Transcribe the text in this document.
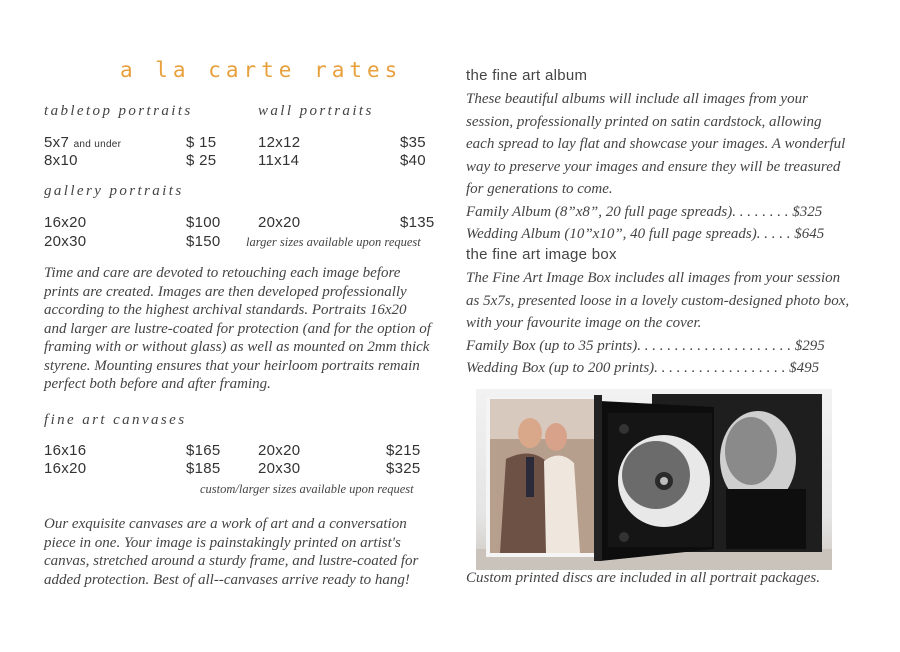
a la carte rates
tabletop portraits
5x7 and under	$ 15
8x10	$ 25
wall portraits
12x12	$35
11x14	$40
gallery portraits
16x20	$100 20x20	$135
20x30	$150 larger sizes available upon request
Time and care are devoted to retouching each image before
prints are created. Images are then developed professionally
according to the highest archival standards. Portraits 16x20
and larger are lustre-coated for protection (and for the option of
framing with or without glass) as well as mounted on 2mm thick
styrene. Mounting ensures that your heirloom portraits remain
perfect both before and after framing.
fine art canvases
16x16	$165 20x20	$215
16x20	$185 20x30	$325
custom/larger sizes available upon request
Our exquisite canvases are a work of art and a conversation
piece in one. Your image is painstakingly printed on artist's
canvas, stretched around a sturdy frame, and lustre-coated for
added protection. Best of all--canvases arrive ready to hang!
the fine art album
These beautiful albums will include all images from your
session, professionally printed on satin cardstock, allowing
each spread to lay flat and showcase your images. A wonderful
way to preserve your images and ensure they will be treasured
for generations to come.
Family Album (8”x8”, 20 full page spreads). . . . . . . . $325
Wedding Album (10”x10”, 40 full page spreads). . . . . $645
the fine art image box
The Fine Art Image Box includes all images from your session
as 5x7s, presented loose in a lovely custom-designed photo box,
with your favourite image on the cover.
Family Box (up to 35 prints). . . . . . . . . . . . . . . . . . . . . $295
Wedding Box (up to 200 prints). . . . . . . . . . . . . . . . . . $495
Custom printed discs are included in all portrait packages.
